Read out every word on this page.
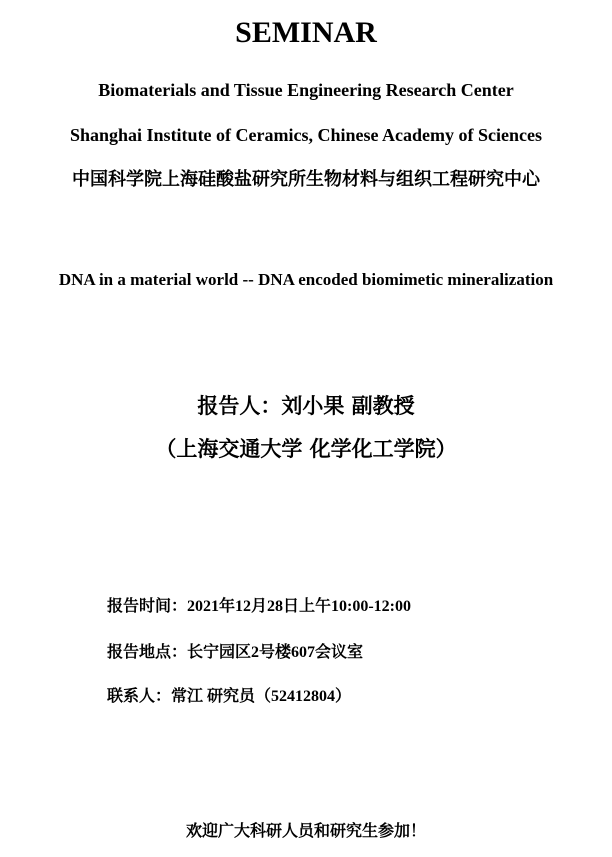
SEMINAR
Biomaterials and Tissue Engineering Research Center
Shanghai Institute of Ceramics, Chinese Academy of Sciences
中国科学院上海硅酸盐研究所生物材料与组织工程研究中心
DNA in a material world -- DNA encoded biomimetic mineralization
报告人：刘小果 副教授
（上海交通大学 化学化工学院）
报告时间：2021年12月28日上午10:00-12:00
报告地点：长宁园区2号楼607会议室
联系人：常江 研究员（52412804）
欢迎广大科研人员和研究生参加！
